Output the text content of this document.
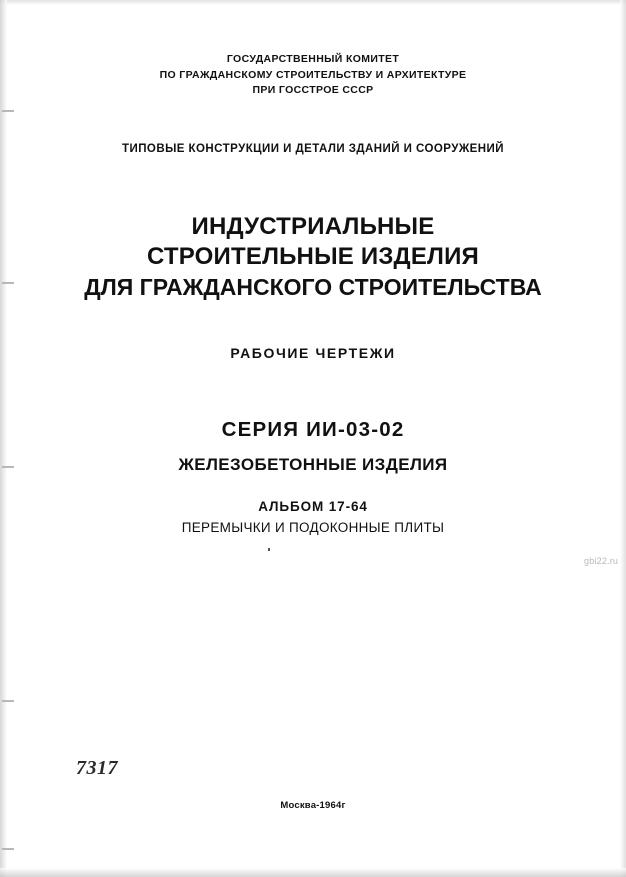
ГОСУДАРСТВЕННЫЙ КОМИТЕТ
ПО ГРАЖДАНСКОМУ СТРОИТЕЛЬСТВУ И АРХИТЕКТУРЕ
ПРИ ГОССТРОЕ СССР
ТИПОВЫЕ КОНСТРУКЦИИ И ДЕТАЛИ ЗДАНИЙ И СООРУЖЕНИЙ
ИНДУСТРИАЛЬНЫЕ
СТРОИТЕЛЬНЫЕ ИЗДЕЛИЯ
ДЛЯ ГРАЖДАНСКОГО СТРОИТЕЛЬСТВА
РАБОЧИЕ ЧЕРТЕЖИ
СЕРИЯ ИИ-03-02
ЖЕЛЕЗОБЕТОННЫЕ ИЗДЕЛИЯ
АЛЬБОМ 17-64
ПЕРЕМЫЧКИ И ПОДОКОННЫЕ ПЛИТЫ
gbi22.ru
7317
Москва-1964г
